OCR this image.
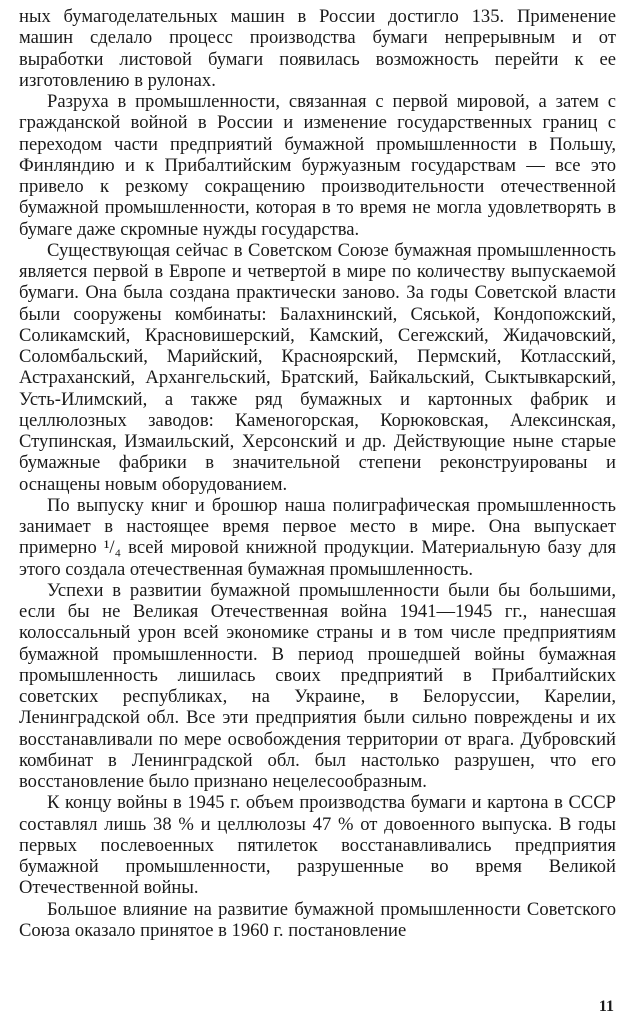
ных бумагоделательных машин в России достигло 135. Применение машин сделало процесс производства бумаги непрерывным и от выработки листовой бумаги появилась возможность перейти к ее изготовлению в рулонах.

Разруха в промышленности, связанная с первой мировой, а затем с гражданской войной в России и изменение государственных границ с переходом части предприятий бумажной промышленности в Польшу, Финляндию и к Прибалтийским буржуазным государствам — все это привело к резкому сокращению производительности отечественной бумажной промышленности, которая в то время не могла удовлетворять в бумаге даже скромные нужды государства.

Существующая сейчас в Советском Союзе бумажная промышленность является первой в Европе и четвертой в мире по количеству выпускаемой бумаги. Она была создана практически заново. За годы Советской власти были сооружены комбинаты: Балахнинский, Сяськой, Кондопожский, Соликамский, Красновишерский, Камский, Сегежский, Жидачовский, Соломбальский, Марийский, Красноярский, Пермский, Котласский, Астраханский, Архангельский, Братский, Байкальский, Сыктывкарский, Усть-Илимский, а также ряд бумажных и картонных фабрик и целлюлозных заводов: Каменогорская, Корюковская, Алексинская, Ступинская, Измаильский, Херсонский и др. Действующие ныне старые бумажные фабрики в значительной степени реконструированы и оснащены новым оборудованием.

По выпуску книг и брошюр наша полиграфическая промышленность занимает в настоящее время первое место в мире. Она выпускает примерно ¹/₄ всей мировой книжной продукции. Материальную базу для этого создала отечественная бумажная промышленность.

Успехи в развитии бумажной промышленности были бы большими, если бы не Великая Отечественная война 1941—1945 гг., нанесшая колоссальный урон всей экономике страны и в том числе предприятиям бумажной промышленности. В период прошедшей войны бумажная промышленность лишилась своих предприятий в Прибалтийских советских республиках, на Украине, в Белоруссии, Карелии, Ленинградской обл. Все эти предприятия были сильно повреждены и их восстанавливали по мере освобождения территории от врага. Дубровский комбинат в Ленинградской обл. был настолько разрушен, что его восстановление было признано нецелесообразным.

К концу войны в 1945 г. объем производства бумаги и картона в СССР составлял лишь 38 % и целлюлозы 47 % от довоенного выпуска. В годы первых послевоенных пятилеток восстанавливались предприятия бумажной промышленности, разрушенные во время Великой Отечественной войны.

Большое влияние на развитие бумажной промышленности Советского Союза оказало принятое в 1960 г. постановление

11
